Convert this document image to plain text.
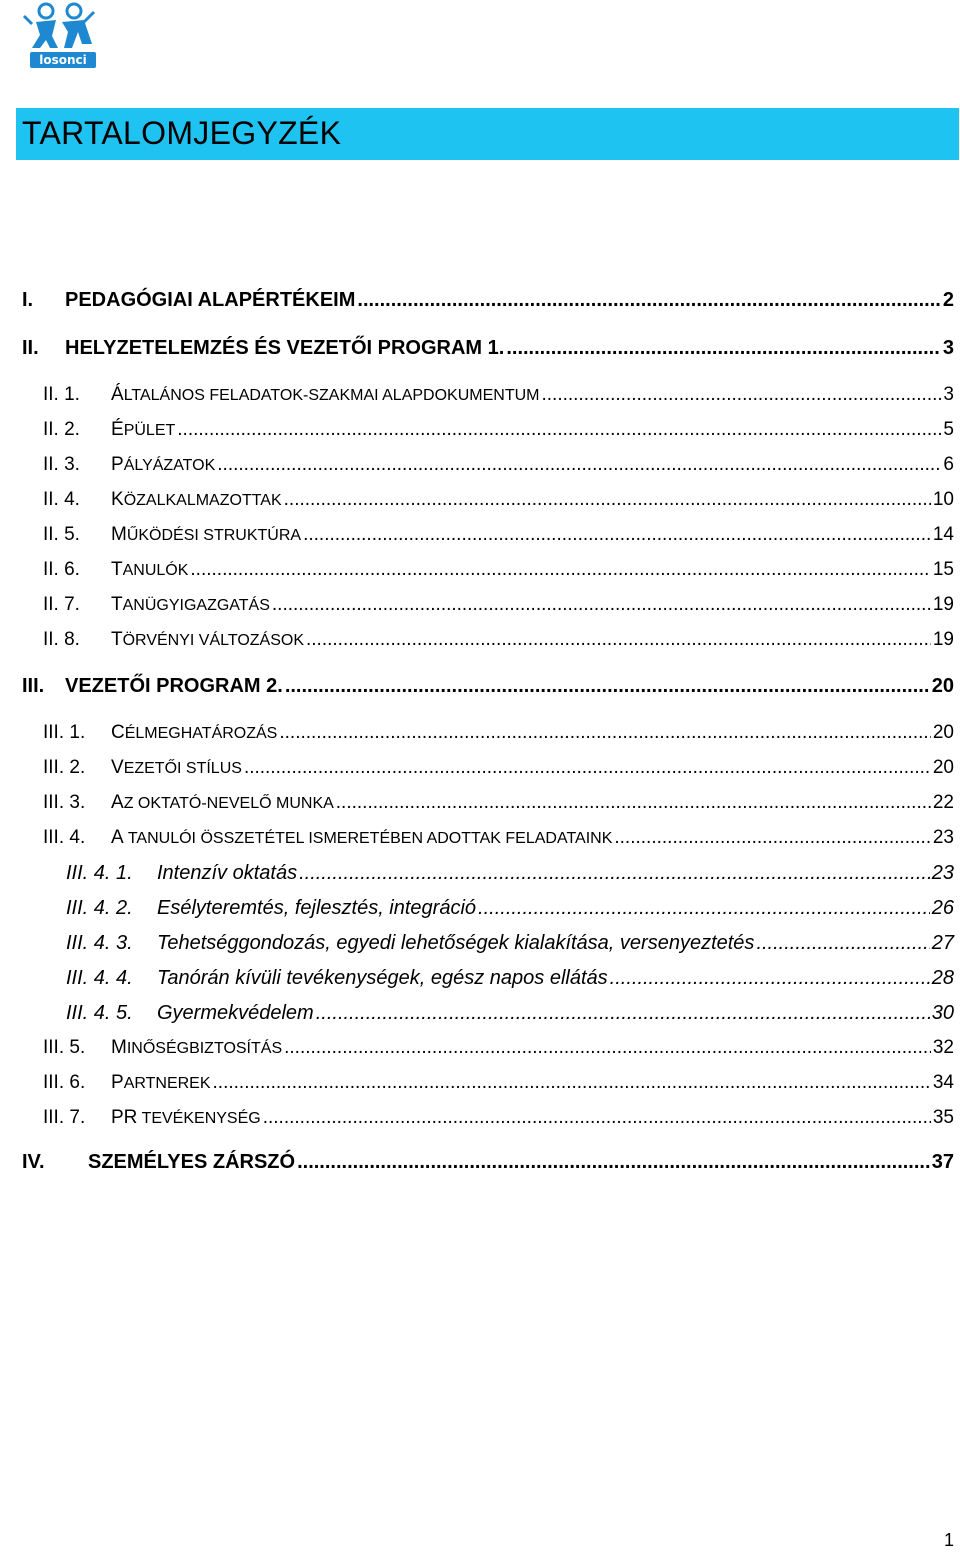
losonci
TARTALOMJEGYZÉK
I.	PEDAGÓGIAI ALAPÉRTÉKEIM .....	2
II.	HELYZETELEMZÉS ÉS VEZETŐI PROGRAM 1. .....	3
II. 1.	ÁLTALÁNOS FELADATOK-SZAKMAI ALAPDOKUMENTUM .....	3
II. 2.	ÉPÜLET .....	5
II. 3.	PÁLYÁZATOK .....	6
II. 4.	KÖZALKALMAZOTTAK .....	10
II. 5.	MŰKÖDÉSI STRUKTÚRA .....	14
II. 6.	TANULÓK .....	15
II. 7.	TANÜGYIGAZGATÁS .....	19
II. 8.	TÖRVÉNYI VÁLTOZÁSOK .....	19
III.	VEZETŐI PROGRAM 2. .....	20
III. 1.	CÉLMEGHATÁROZÁS .....	20
III. 2.	VEZETŐI STÍLUS .....	20
III. 3.	AZ OKTATÓ-NEVELŐ MUNKA .....	22
III. 4.	A TANULÓI ÖSSZETÉTEL ISMERETÉBEN ADOTTAK FELADATAINK .....	23
III. 4. 1.	Intenzív oktatás .....	23
III. 4. 2.	Esélyteremtés, fejlesztés, integráció .....	26
III. 4. 3.	Tehetséggondozás, egyedi lehetőségek kialakítása, versenyeztetés .....	27
III. 4. 4.	Tanórán kívüli tevékenységek, egész napos ellátás .....	28
III. 4. 5.	Gyermekvédelem .....	30
III. 5.	MINŐSÉGBIZTOSÍTÁS .....	32
III. 6.	PARTNEREK .....	34
III. 7.	PR TEVÉKENYSÉG .....	35
IV.	SZEMÉLYES ZÁRSZÓ .....	37
1
